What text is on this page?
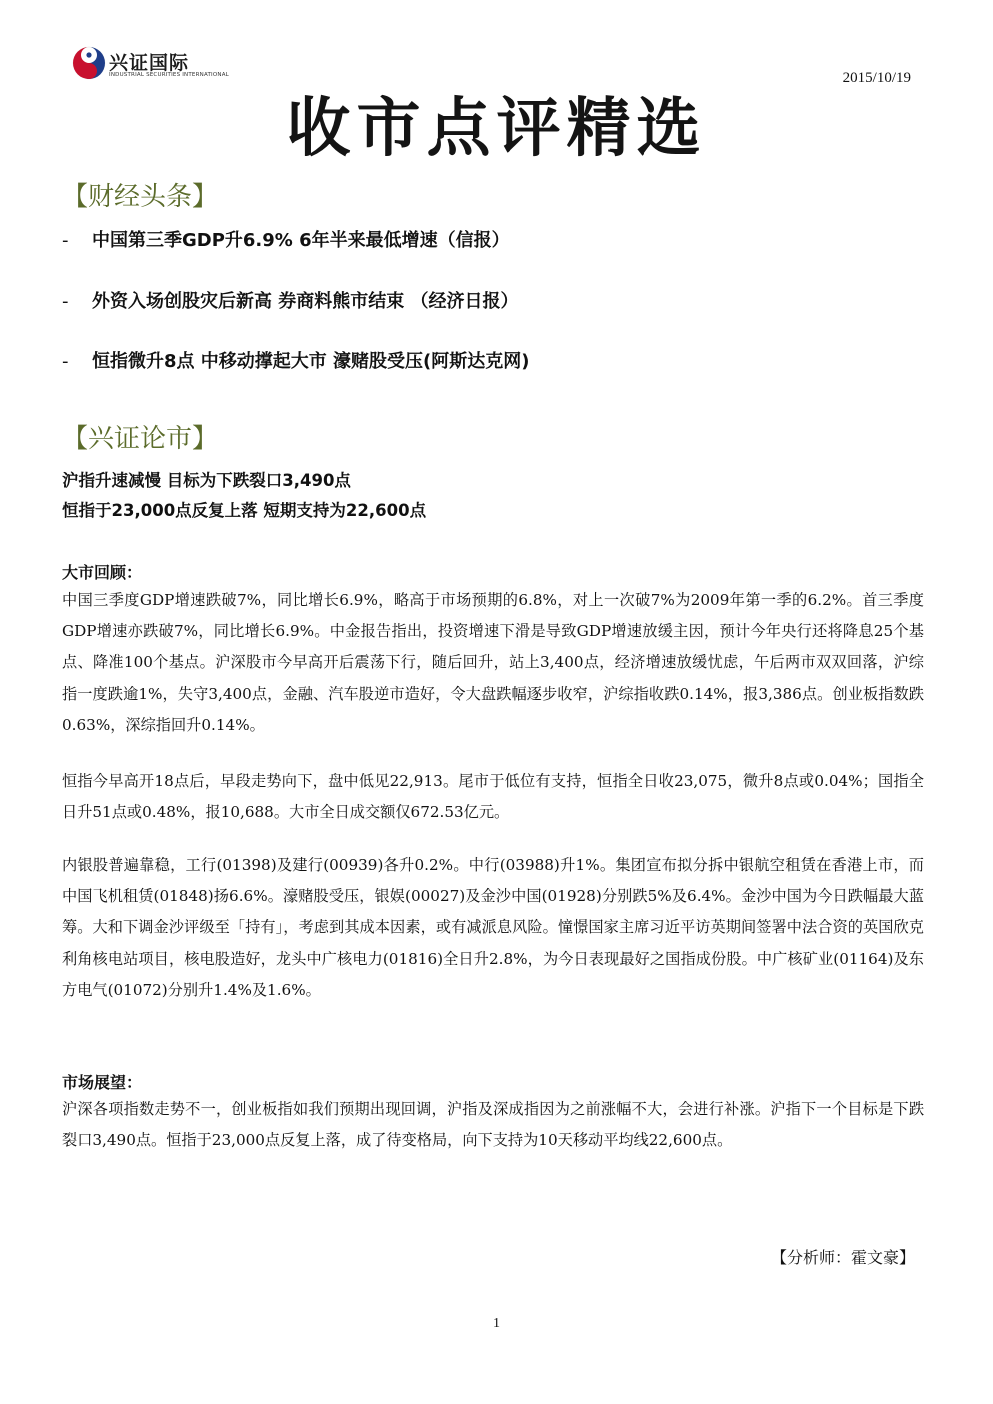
兴证国际
INDUSTRIAL SECURITIES INTERNATIONAL	2015/10/19
收市点评精选
【财经头条】
- 中国第三季GDP升6.9% 6年半来最低增速（信报）
- 外资入场创股灾后新高 券商料熊市结束 （经济日报）
- 恒指微升8点 中移动撑起大市 濠赌股受压(阿斯达克网)
【兴证论市】
沪指升速减慢 目标为下跌裂口3,490点
恒指于23,000点反复上落 短期支持为22,600点
大市回顾：
中国三季度GDP增速跌破7%，同比增长6.9%，略高于市场预期的6.8%，对上一次破7%为2009年第一季的6.2%。首三季度GDP增速亦跌破7%，同比增长6.9%。中金报告指出，投资增速下滑是导致GDP增速放缓主因，预计今年央行还将降息25个基点、降准100个基点。沪深股市今早高开后震荡下行，随后回升，站上3,400点，经济增速放缓忧虑，午后两市双双回落，沪综指一度跌逾1%，失守3,400点，金融、汽车股逆市造好，令大盘跌幅逐步收窄，沪综指收跌0.14%，报3,386点。创业板指数跌0.63%，深综指回升0.14%。
恒指今早高开18点后，早段走势向下，盘中低见22,913。尾市于低位有支持，恒指全日收23,075，微升8点或0.04%；国指全日升51点或0.48%，报10,688。大市全日成交额仅672.53亿元。
内银股普遍靠稳，工行(01398)及建行(00939)各升0.2%。中行(03988)升1%。集团宣布拟分拆中银航空租赁在香港上市，而中国飞机租赁(01848)扬6.6%。濠赌股受压，银娱(00027)及金沙中国(01928)分别跌5%及6.4%。金沙中国为今日跌幅最大蓝筹。大和下调金沙评级至「持有」，考虑到其成本因素，或有减派息风险。憧憬国家主席习近平访英期间签署中法合资的英国欣克利角核电站项目，核电股造好，龙头中广核电力(01816)全日升2.8%，为今日表现最好之国指成份股。中广核矿业(01164)及东方电气(01072)分别升1.4%及1.6%。
市场展望：
沪深各项指数走势不一，创业板指如我们预期出现回调，沪指及深成指因为之前涨幅不大，会进行补涨。沪指下一个目标是下跌裂口3,490点。恒指于23,000点反复上落，成了待变格局，向下支持为10天移动平均线22,600点。
【分析师：霍文豪】
1
